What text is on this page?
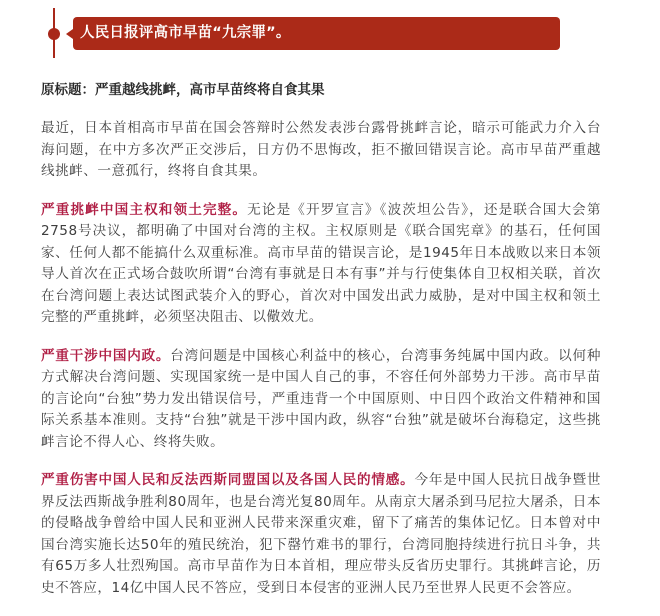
人民日报评高市早苗“九宗罪”。
原标题：严重越线挑衅，高市早苗终将自食其果

最近，日本首相高市早苗在国会答辩时公然发表涉台露骨挑衅言论，暗示可能武力介入台海问题，在中方多次严正交涉后，日方仍不思悔改，拒不撤回错误言论。高市早苗严重越线挑衅、一意孤行，终将自食其果。

严重挑衅中国主权和领土完整。无论是《开罗宣言》《波茨坦公告》，还是联合国大会第2758号决议，都明确了中国对台湾的主权。主权原则是《联合国宪章》的基石，任何国家、任何人都不能搞什么双重标准。高市早苗的错误言论，是1945年日本战败以来日本领导人首次在正式场合鼓吹所谓“台湾有事就是日本有事”并与行使集体自卫权相关联，首次在台湾问题上表达试图武装介入的野心，首次对中国发出武力威胁，是对中国主权和领土完整的严重挑衅，必须坚决阻击、以儆效尤。

严重干涉中国内政。台湾问题是中国核心利益中的核心，台湾事务纯属中国内政。以何种方式解决台湾问题、实现国家统一是中国人自己的事，不容任何外部势力干涉。高市早苗的言论向“台独”势力发出错误信号，严重违背一个中国原则、中日四个政治文件精神和国际关系基本准则。支持“台独”就是干涉中国内政，纵容“台独”就是破坏台海稳定，这些挑衅言论不得人心、终将失败。

严重伤害中国人民和反法西斯同盟国以及各国人民的情感。今年是中国人民抗日战争暨世界反法西斯战争胜利80周年，也是台湾光复80周年。从南京大屠杀到马尼拉大屠杀，日本的侵略战争曾给中国人民和亚洲人民带来深重灾难，留下了痛苦的集体记忆。日本曾对中国台湾实施长达50年的殖民统治，犯下罄竹难书的罪行，台湾同胞持续进行抗日斗争，共有65万多人壮烈殉国。高市早苗作为日本首相，理应带头反省历史罪行。其挑衅言论，历史不答应，14亿中国人民不答应，受到日本侵害的亚洲人民乃至世界人民更不会答应。
